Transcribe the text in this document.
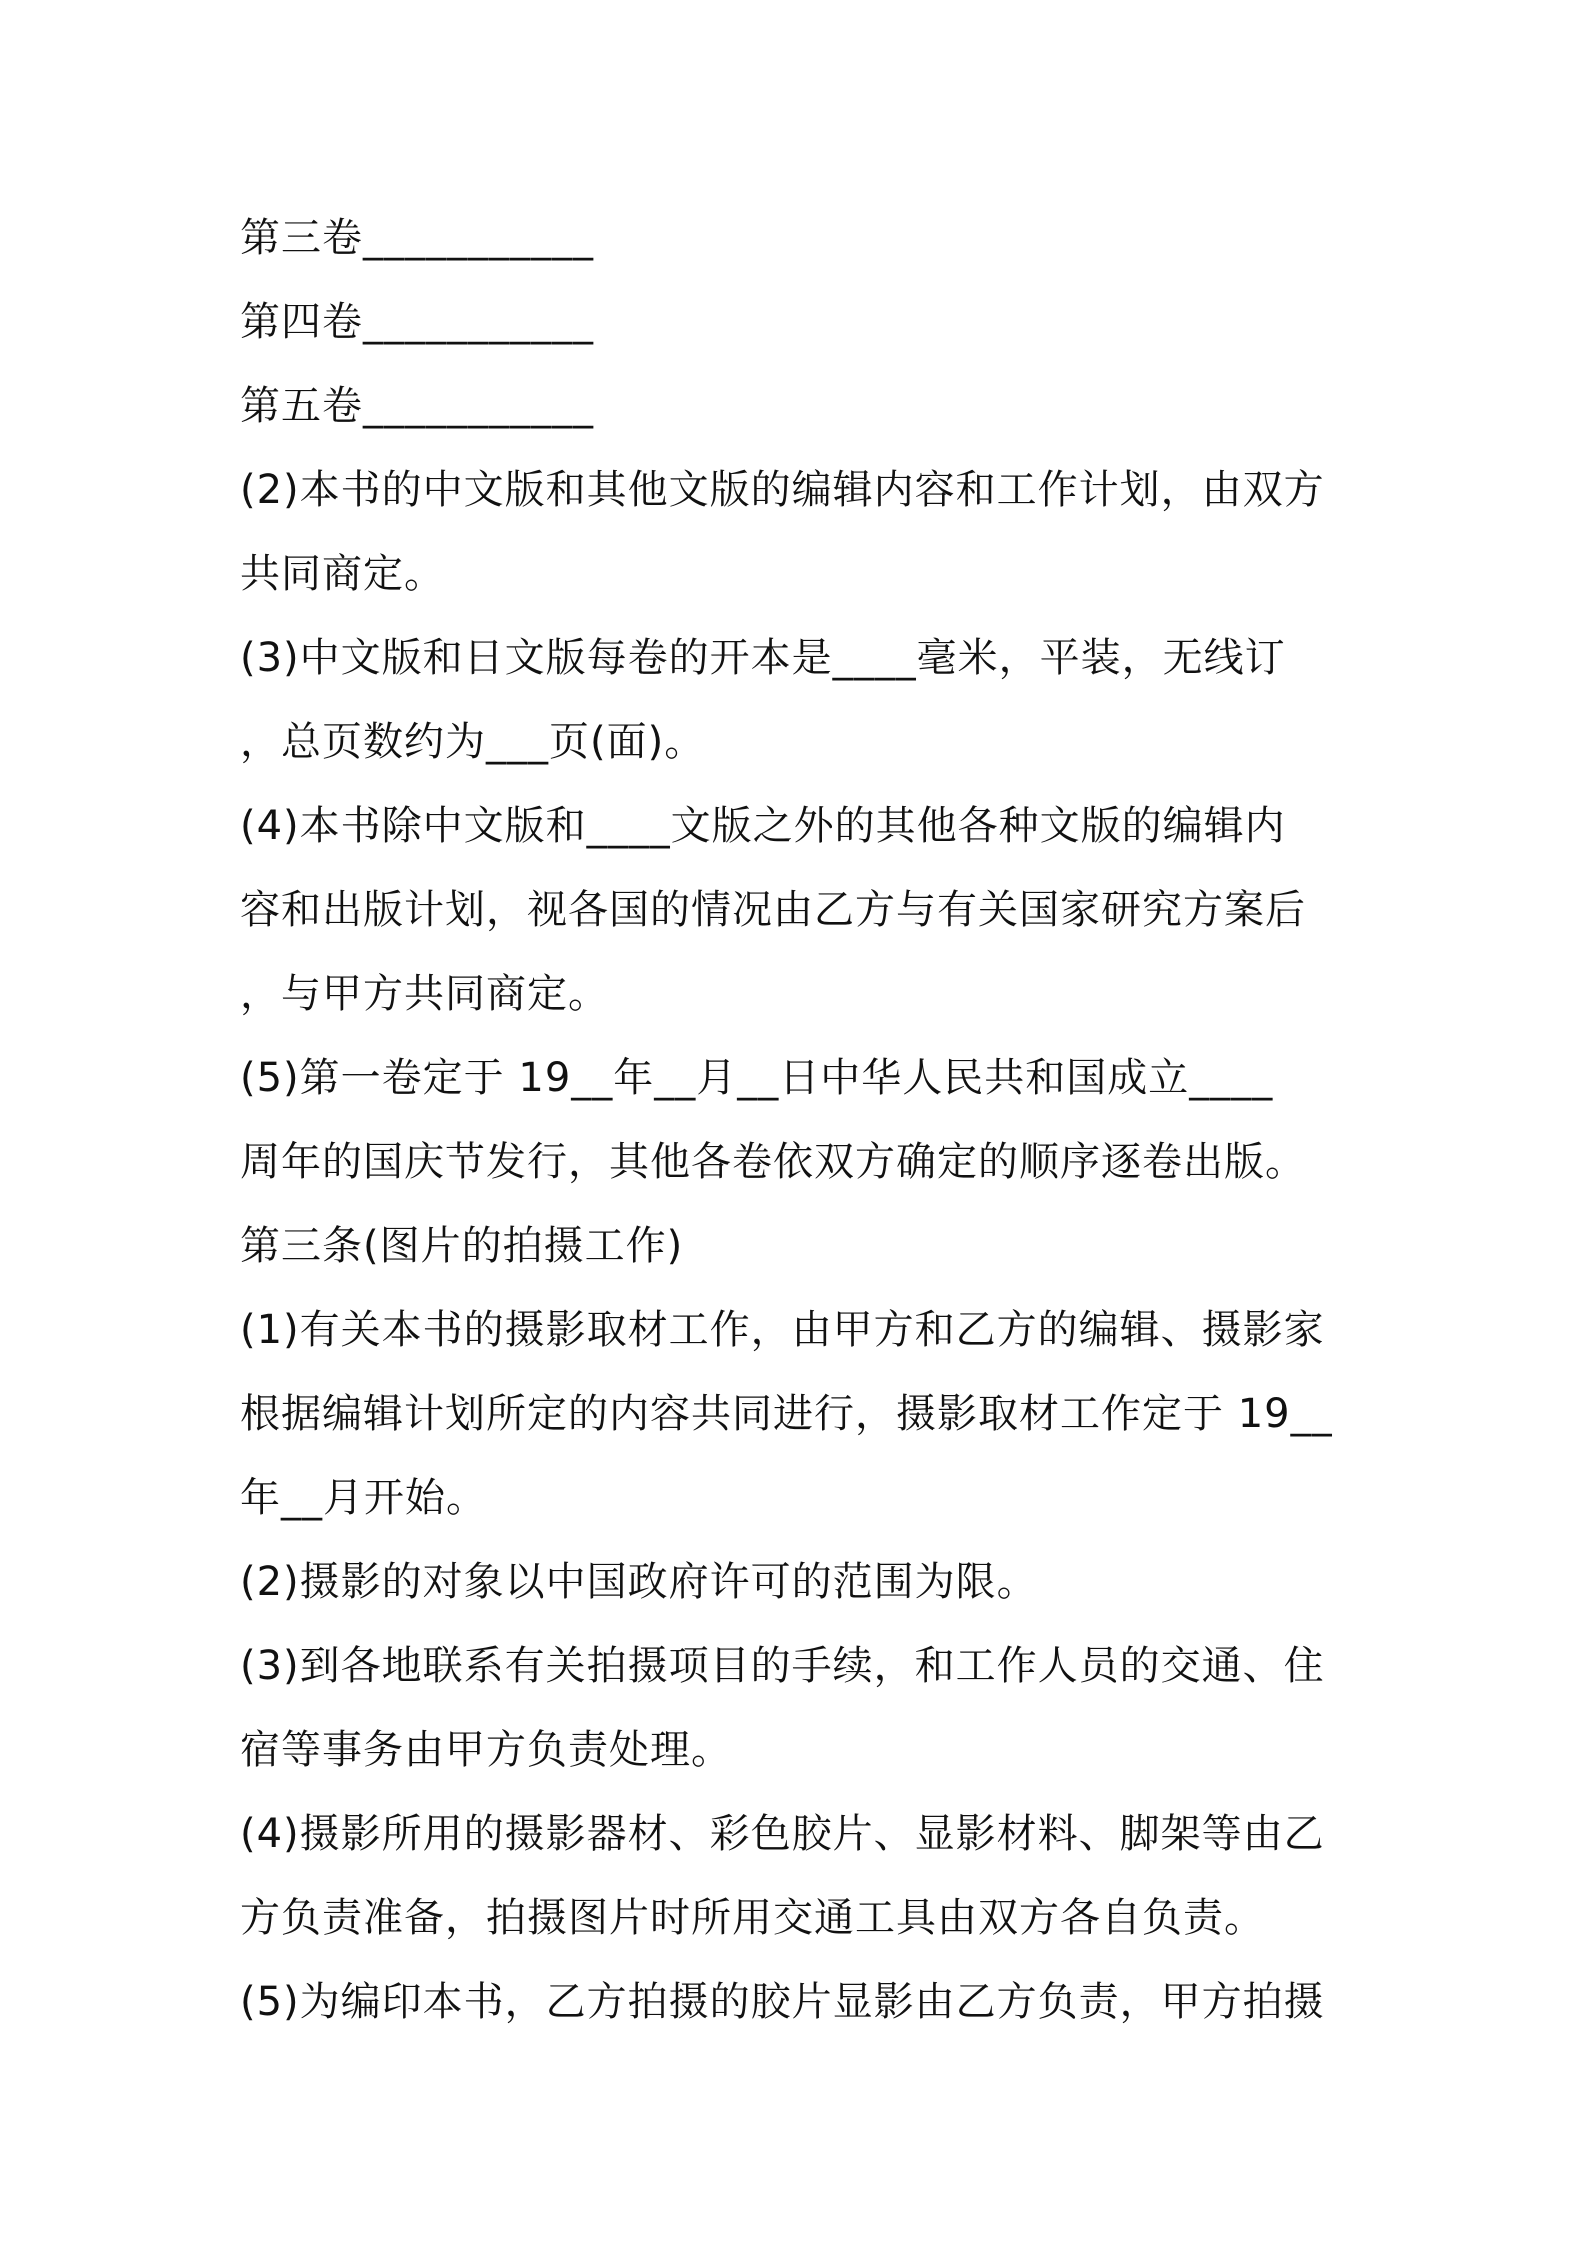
第三卷___________
第四卷___________
第五卷___________
(2)本书的中文版和其他文版的编辑内容和工作计划，由双方
共同商定。
(3)中文版和日文版每卷的开本是____毫米，平装，无线订
，总页数约为___页(面)。
(4)本书除中文版和____文版之外的其他各种文版的编辑内
容和出版计划，视各国的情况由乙方与有关国家研究方案后
，与甲方共同商定。
(5)第一卷定于 19__年__月__日中华人民共和国成立____
周年的国庆节发行，其他各卷依双方确定的顺序逐卷出版。
第三条(图片的拍摄工作)
(1)有关本书的摄影取材工作，由甲方和乙方的编辑、摄影家
根据编辑计划所定的内容共同进行，摄影取材工作定于 19__
年__月开始。
(2)摄影的对象以中国政府许可的范围为限。
(3)到各地联系有关拍摄项目的手续，和工作人员的交通、住
宿等事务由甲方负责处理。
(4)摄影所用的摄影器材、彩色胶片、显影材料、脚架等由乙
方负责准备，拍摄图片时所用交通工具由双方各自负责。
(5)为编印本书，乙方拍摄的胶片显影由乙方负责，甲方拍摄
